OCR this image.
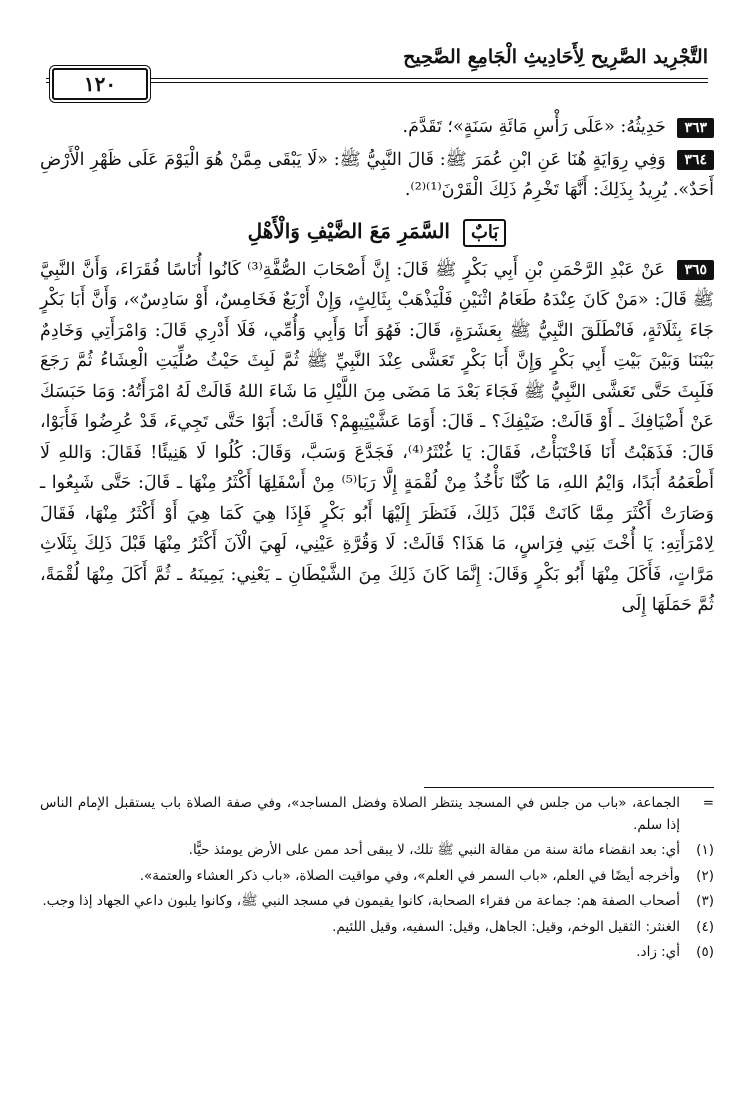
التَّجْرِيد الصَّرِيح لِأَحَادِيثِ الْجَامِعِ الصَّحِيح
١٢٠

٣٦٣ حَدِيثُهُ: «عَلَى رَأْسِ مَائَةِ سَنَةٍ»؛ تَقَدَّمَ.

٣٦٤ وَفِي رِوَايَةٍ هُنَا عَنِ ابْنِ عُمَرَ ﷺ: قَالَ النَّبِيُّ ﷺ: «لَا يَبْقَى مِمَّنْ هُوَ الْيَوْمَ عَلَى ظَهْرِ الْأَرْضِ أَحَدٌ». يُرِيدُ بِذَلِكَ: أَنَّهَا تَخْرِمُ ذَلِكَ الْقَرْنَ⁽¹⁾⁽²⁾.

بَابٌ السَّمَرِ مَعَ الضَّيْفِ وَالْأَهْلِ

٣٦٥ عَنْ عَبْدِ الرَّحْمَنِ بْنِ أَبِي بَكْرٍ ﷺ قَالَ: إِنَّ أَصْحَابَ الصُّفَّةِ⁽³⁾ كَانُوا أُنَاسًا فُقَرَاءَ، وَأَنَّ النَّبِيَّ ﷺ قَالَ: «مَنْ كَانَ عِنْدَهُ طَعَامُ اثْنَيْنِ فَلْيَذْهَبْ بِثَالِثٍ، وَإِنْ أَرْبَعٌ فَخَامِسٌ، أَوْ سَادِسٌ»، وَأَنَّ أَبَا بَكْرٍ جَاءَ بِثَلَاثَةٍ، فَانْطَلَقَ النَّبِيُّ ﷺ بِعَشَرَةٍ، قَالَ: فَهُوَ أَنَا وَأَبِي وَأُمِّي، فَلَا أَدْرِي قَالَ: وَامْرَأَتِي وَخَادِمٌ بَيْنَنَا وَبَيْنَ بَيْتِ أَبِي بَكْرٍ وَإِنَّ أَبَا بَكْرٍ تَعَشَّى عِنْدَ النَّبِيِّ ﷺ ثُمَّ لَبِثَ حَيْثُ صُلِّيَتِ الْعِشَاءُ ثُمَّ رَجَعَ فَلَبِثَ حَتَّى تَعَشَّى النَّبِيُّ ﷺ فَجَاءَ بَعْدَ مَا مَضَى مِنَ اللَّيْلِ مَا شَاءَ اللهُ قَالَتْ لَهُ امْرَأَتُهُ: وَمَا حَبَسَكَ عَنْ أَضْيَافِكَ ـ أَوْ قَالَتْ: ضَيْفِكَ؟ ـ قَالَ: أَوَمَا عَشَّيْتِيهِمْ؟ قَالَتْ: أَبَوْا حَتَّى تَجِيءَ، قَدْ عُرِضُوا فَأَبَوْا، قَالَ: فَذَهَبْتُ أَنَا فَاخْتَبَأْتُ، فَقَالَ: يَا غُنْثَرُ⁽⁴⁾، فَجَدَّعَ وَسَبَّ، وَقَالَ: كُلُوا لَا هَنِيئًا! فَقَالَ: وَاللهِ لَا أَطْعَمُهُ أَبَدًا، وَايْمُ اللهِ، مَا كُنَّا نَأْخُذُ مِنْ لُقْمَةٍ إِلَّا رَبَا⁽⁵⁾ مِنْ أَسْفَلِهَا أَكْثَرُ مِنْهَا ـ قَالَ: حَتَّى شَبِعُوا ـ وَصَارَتْ أَكْثَرَ مِمَّا كَانَتْ قَبْلَ ذَلِكَ، فَنَظَرَ إِلَيْهَا أَبُو بَكْرٍ فَإِذَا هِيَ كَمَا هِيَ أَوْ أَكْثَرُ مِنْهَا، فَقَالَ لِامْرَأَتِهِ: يَا أُخْتَ بَنِي فِرَاسٍ، مَا هَذَا؟ قَالَتْ: لَا وَقُرَّةِ عَيْنِي، لَهِيَ الْآنَ أَكْثَرُ مِنْهَا قَبْلَ ذَلِكَ بِثَلَاثِ مَرَّاتٍ، فَأَكَلَ مِنْهَا أَبُو بَكْرٍ وَقَالَ: إِنَّمَا كَانَ ذَلِكَ مِنَ الشَّيْطَانِ ـ يَعْنِي: يَمِينَهُ ـ ثُمَّ أَكَلَ مِنْهَا لُقْمَةً، ثُمَّ حَمَلَهَا إِلَى

=
الجماعة، «باب من جلس في المسجد ينتظر الصلاة وفضل المساجد»، وفي صفة الصلاة باب يستقبل الإمام الناس إذا سلم.
(١)
أي: بعد انقضاء مائة سنة من مقالة النبي ﷺ تلك، لا يبقى أحد ممن على الأرض يومئذ حيًّا.
(٢)
وأخرجه أيضًا في العلم، «باب السمر في العلم»، وفي مواقيت الصلاة، «باب ذكر العشاء والعتمة».
(٣)
أصحاب الصفة هم: جماعة من فقراء الصحابة، كانوا يقيمون في مسجد النبي ﷺ، وكانوا يلبون داعي الجهاد إذا وجب.
(٤)
الغنثر: الثقيل الوخم، وقيل: الجاهل، وقيل: السفيه، وقيل اللئيم.
(٥)
أي: زاد.
